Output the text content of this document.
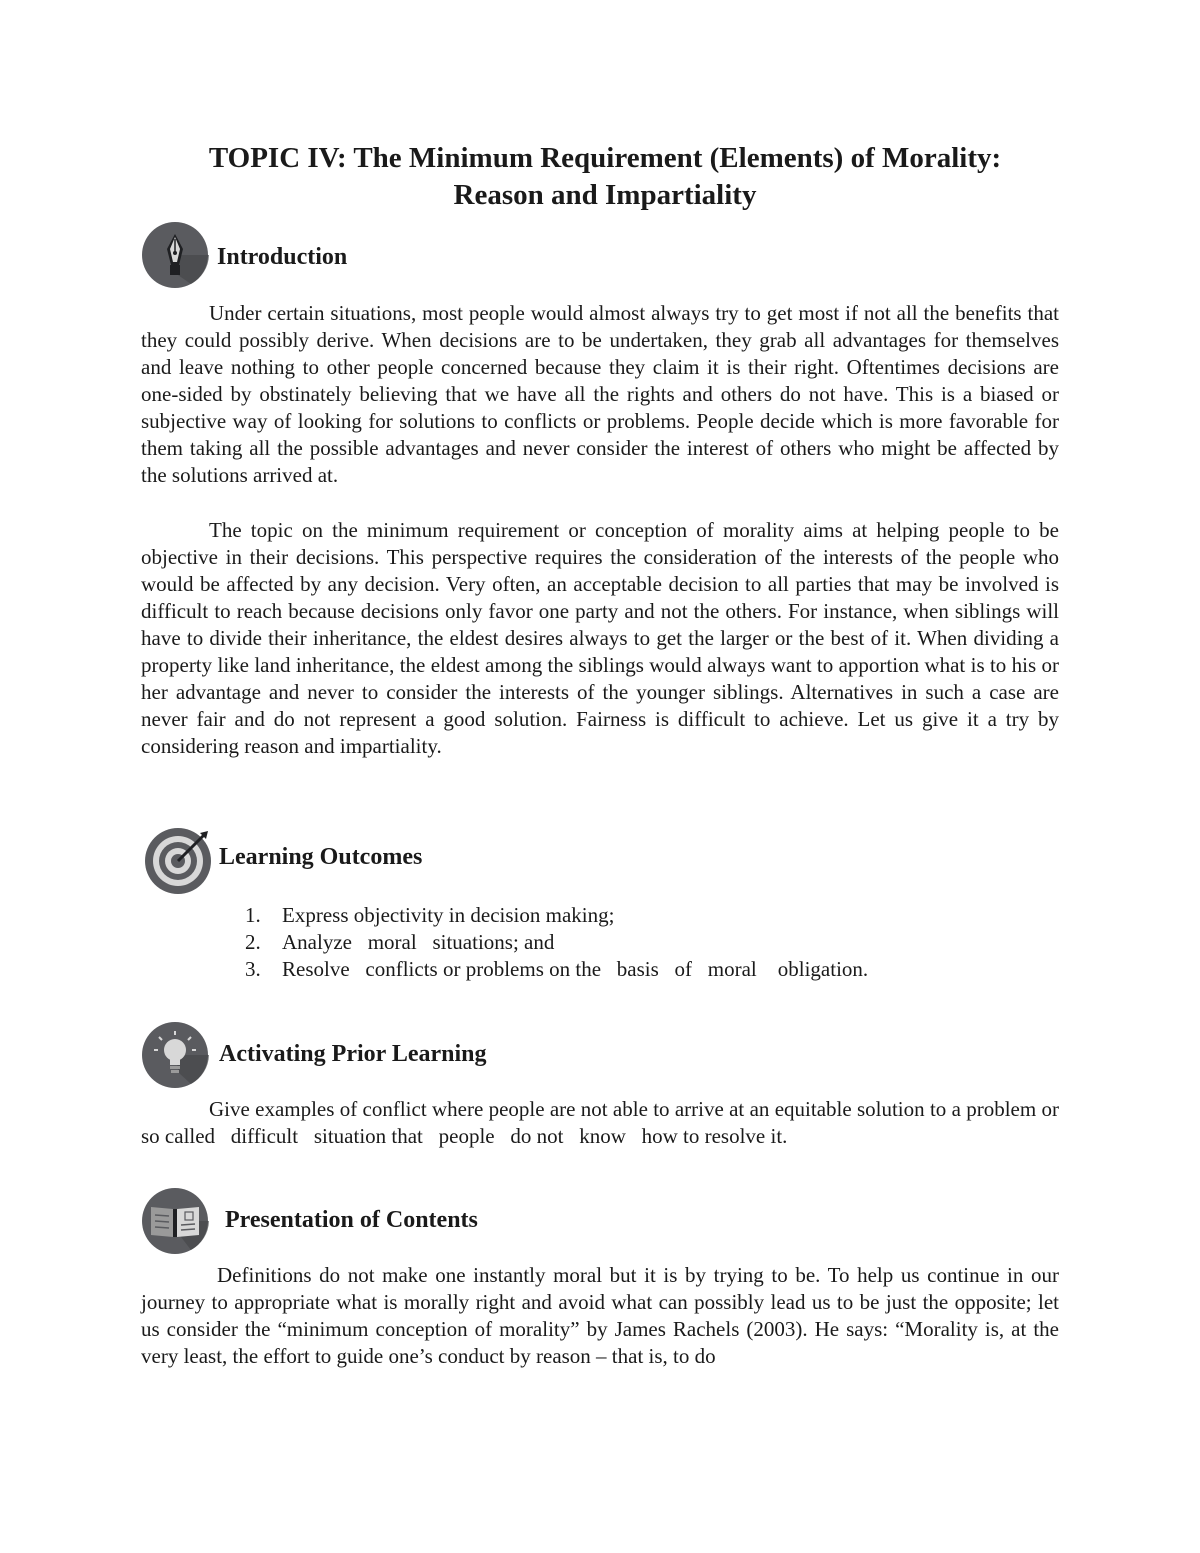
TOPIC IV: The Minimum Requirement (Elements) of Morality:
Reason and Impartiality
Introduction

Under certain situations, most people would almost always try to get most if not all the benefits that they could possibly derive. When decisions are to be undertaken, they grab all advantages for themselves and leave nothing to other people concerned because they claim it is their right. Oftentimes decisions are one-sided by obstinately believing that we have all the rights and others do not have. This is a biased or subjective way of looking for solutions to conflicts or problems. People decide which is more favorable for them taking all the possible advantages and never consider the interest of others who might be affected by the solutions arrived at.

The topic on the minimum requirement or conception of morality aims at helping people to be objective in their decisions. This perspective requires the consideration of the interests of the people who would be affected by any decision. Very often, an acceptable decision to all parties that may be involved is difficult to reach because decisions only favor one party and not the others. For instance, when siblings will have to divide their inheritance, the eldest desires always to get the larger or the best of it. When dividing a property like land inheritance, the eldest among the siblings would always want to apportion what is to his or her advantage and never to consider the interests of the younger siblings. Alternatives in such a case are never fair and do not represent a good solution. Fairness is difficult to achieve. Let us give it a try by considering reason and impartiality.

Learning Outcomes
1.	Express objectivity in decision making;
2.	Analyze   moral   situations; and
3.	Resolve   conflicts or problems on the   basis   of   moral    obligation.
Activating Prior Learning

Give examples of conflict where people are not able to arrive at an equitable solution to a problem or so called   difficult   situation that   people   do not   know   how to resolve it.

Presentation of Contents

Definitions do not make one instantly moral but it is by trying to be. To help us continue in our journey to appropriate what is morally right and avoid what can possibly lead us to be just the opposite; let us consider the “minimum conception of morality” by James Rachels (2003). He says: “Morality is, at the very least, the effort to guide one’s conduct by reason – that is, to do
